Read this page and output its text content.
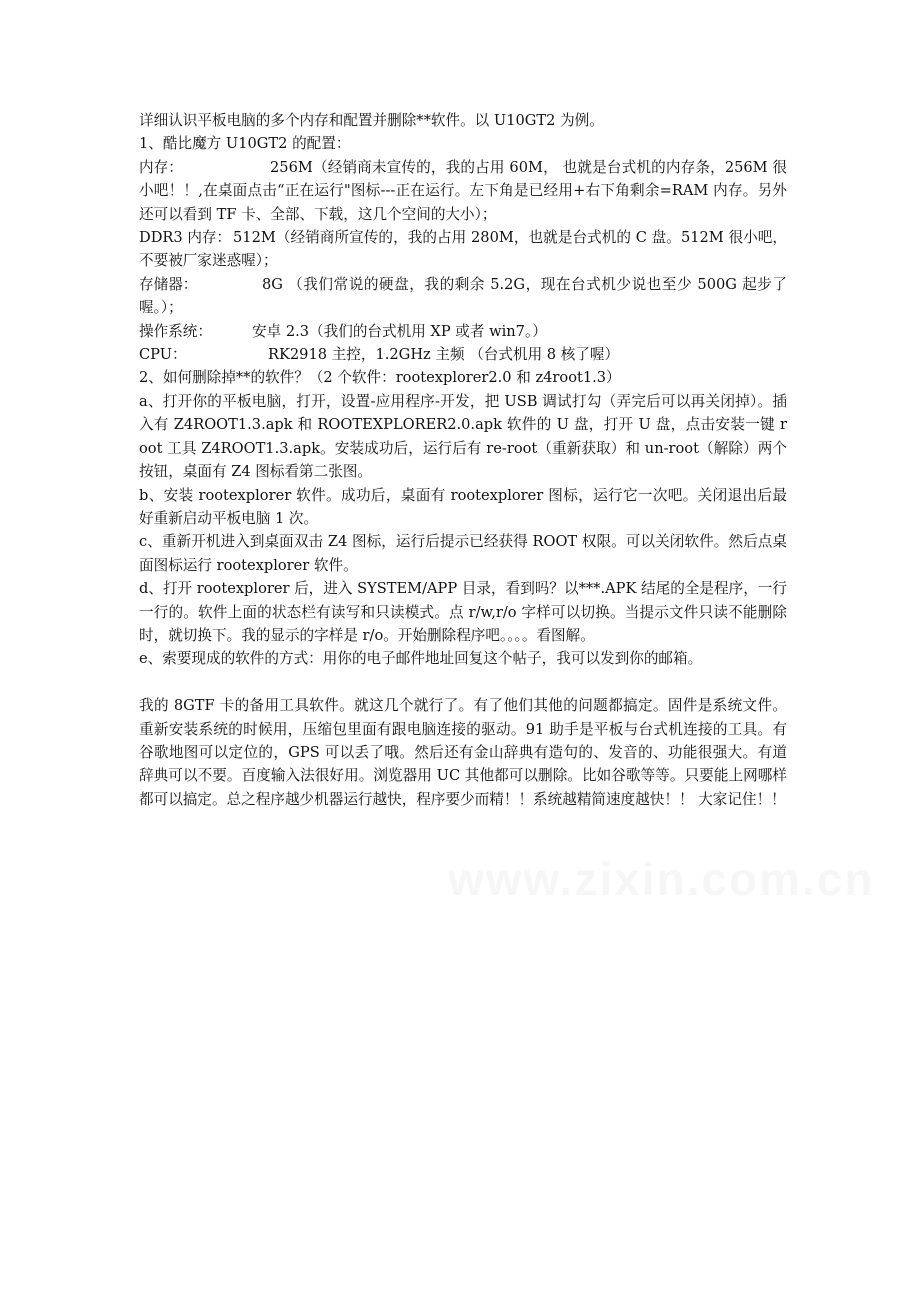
详细认识平板电脑的多个内存和配置并删除**软件。以 U10GT2 为例。

1、酷比魔方 U10GT2 的配置：

内存：	256M（经销商未宣传的，我的占用 60M， 也就是台式机的内存条，256M 很小吧！！,在桌面点击“正在运行"图标---正在运行。左下角是已经用+右下角剩余=RAM 内存。另外还可以看到 TF 卡、全部、下载，这几个空间的大小）；

DDR3 内存： 512M（经销商所宣传的，我的占用 280M，也就是台式机的 C 盘。512M 很小吧，不要被厂家迷惑喔）；

存储器：	8G （我们常说的硬盘，我的剩余 5.2G，现在台式机少说也至少 500G 起步了喔。）；

操作系统：	安卓 2.3（我们的台式机用 XP 或者 win7。）

CPU：	RK2918 主控，1.2GHz 主频 （台式机用 8 核了喔）

2、如何删除掉**的软件？（2 个软件：rootexplorer2.0 和 z4root1.3）

a、打开你的平板电脑，打开，设置-应用程序-开发，把 USB 调试打勾（弄完后可以再关闭掉）。插入有 Z4ROOT1.3.apk 和 ROOTEXPLORER2.0.apk 软件的 U 盘，打开 U 盘，点击安装一键 root 工具 Z4ROOT1.3.apk。安装成功后，运行后有 re-root（重新获取）和 un-root（解除）两个按钮，桌面有 Z4 图标看第二张图。

b、安装 rootexplorer 软件。成功后，桌面有 rootexplorer 图标，运行它一次吧。关闭退出后最好重新启动平板电脑 1 次。

c、重新开机进入到桌面双击 Z4 图标，运行后提示已经获得 ROOT 权限。可以关闭软件。然后点桌面图标运行 rootexplorer 软件。

d、打开 rootexplorer 后，进入 SYSTEM/APP 目录，看到吗？以***.APK 结尾的全是程序，一行一行的。软件上面的状态栏有读写和只读模式。点 r/w,r/o 字样可以切换。当提示文件只读不能删除时，就切换下。我的显示的字样是 r/o。开始删除程序吧。。。。看图解。

e、索要现成的软件的方式：用你的电子邮件地址回复这个帖子，我可以发到你的邮箱。

我的 8GTF 卡的备用工具软件。就这几个就行了。有了他们其他的问题都搞定。固件是系统文件。重新安装系统的时候用，压缩包里面有跟电脑连接的驱动。91 助手是平板与台式机连接的工具。有谷歌地图可以定位的，GPS 可以丢了哦。然后还有金山辞典有造句的、发音的、功能很强大。有道辞典可以不要。百度输入法很好用。浏览器用 UC 其他都可以删除。比如谷歌等等。只要能上网哪样都可以搞定。总之程序越少机器运行越快，程序要少而精！！系统越精简速度越快！！ 大家记住！！

www.zixin.com.cn
